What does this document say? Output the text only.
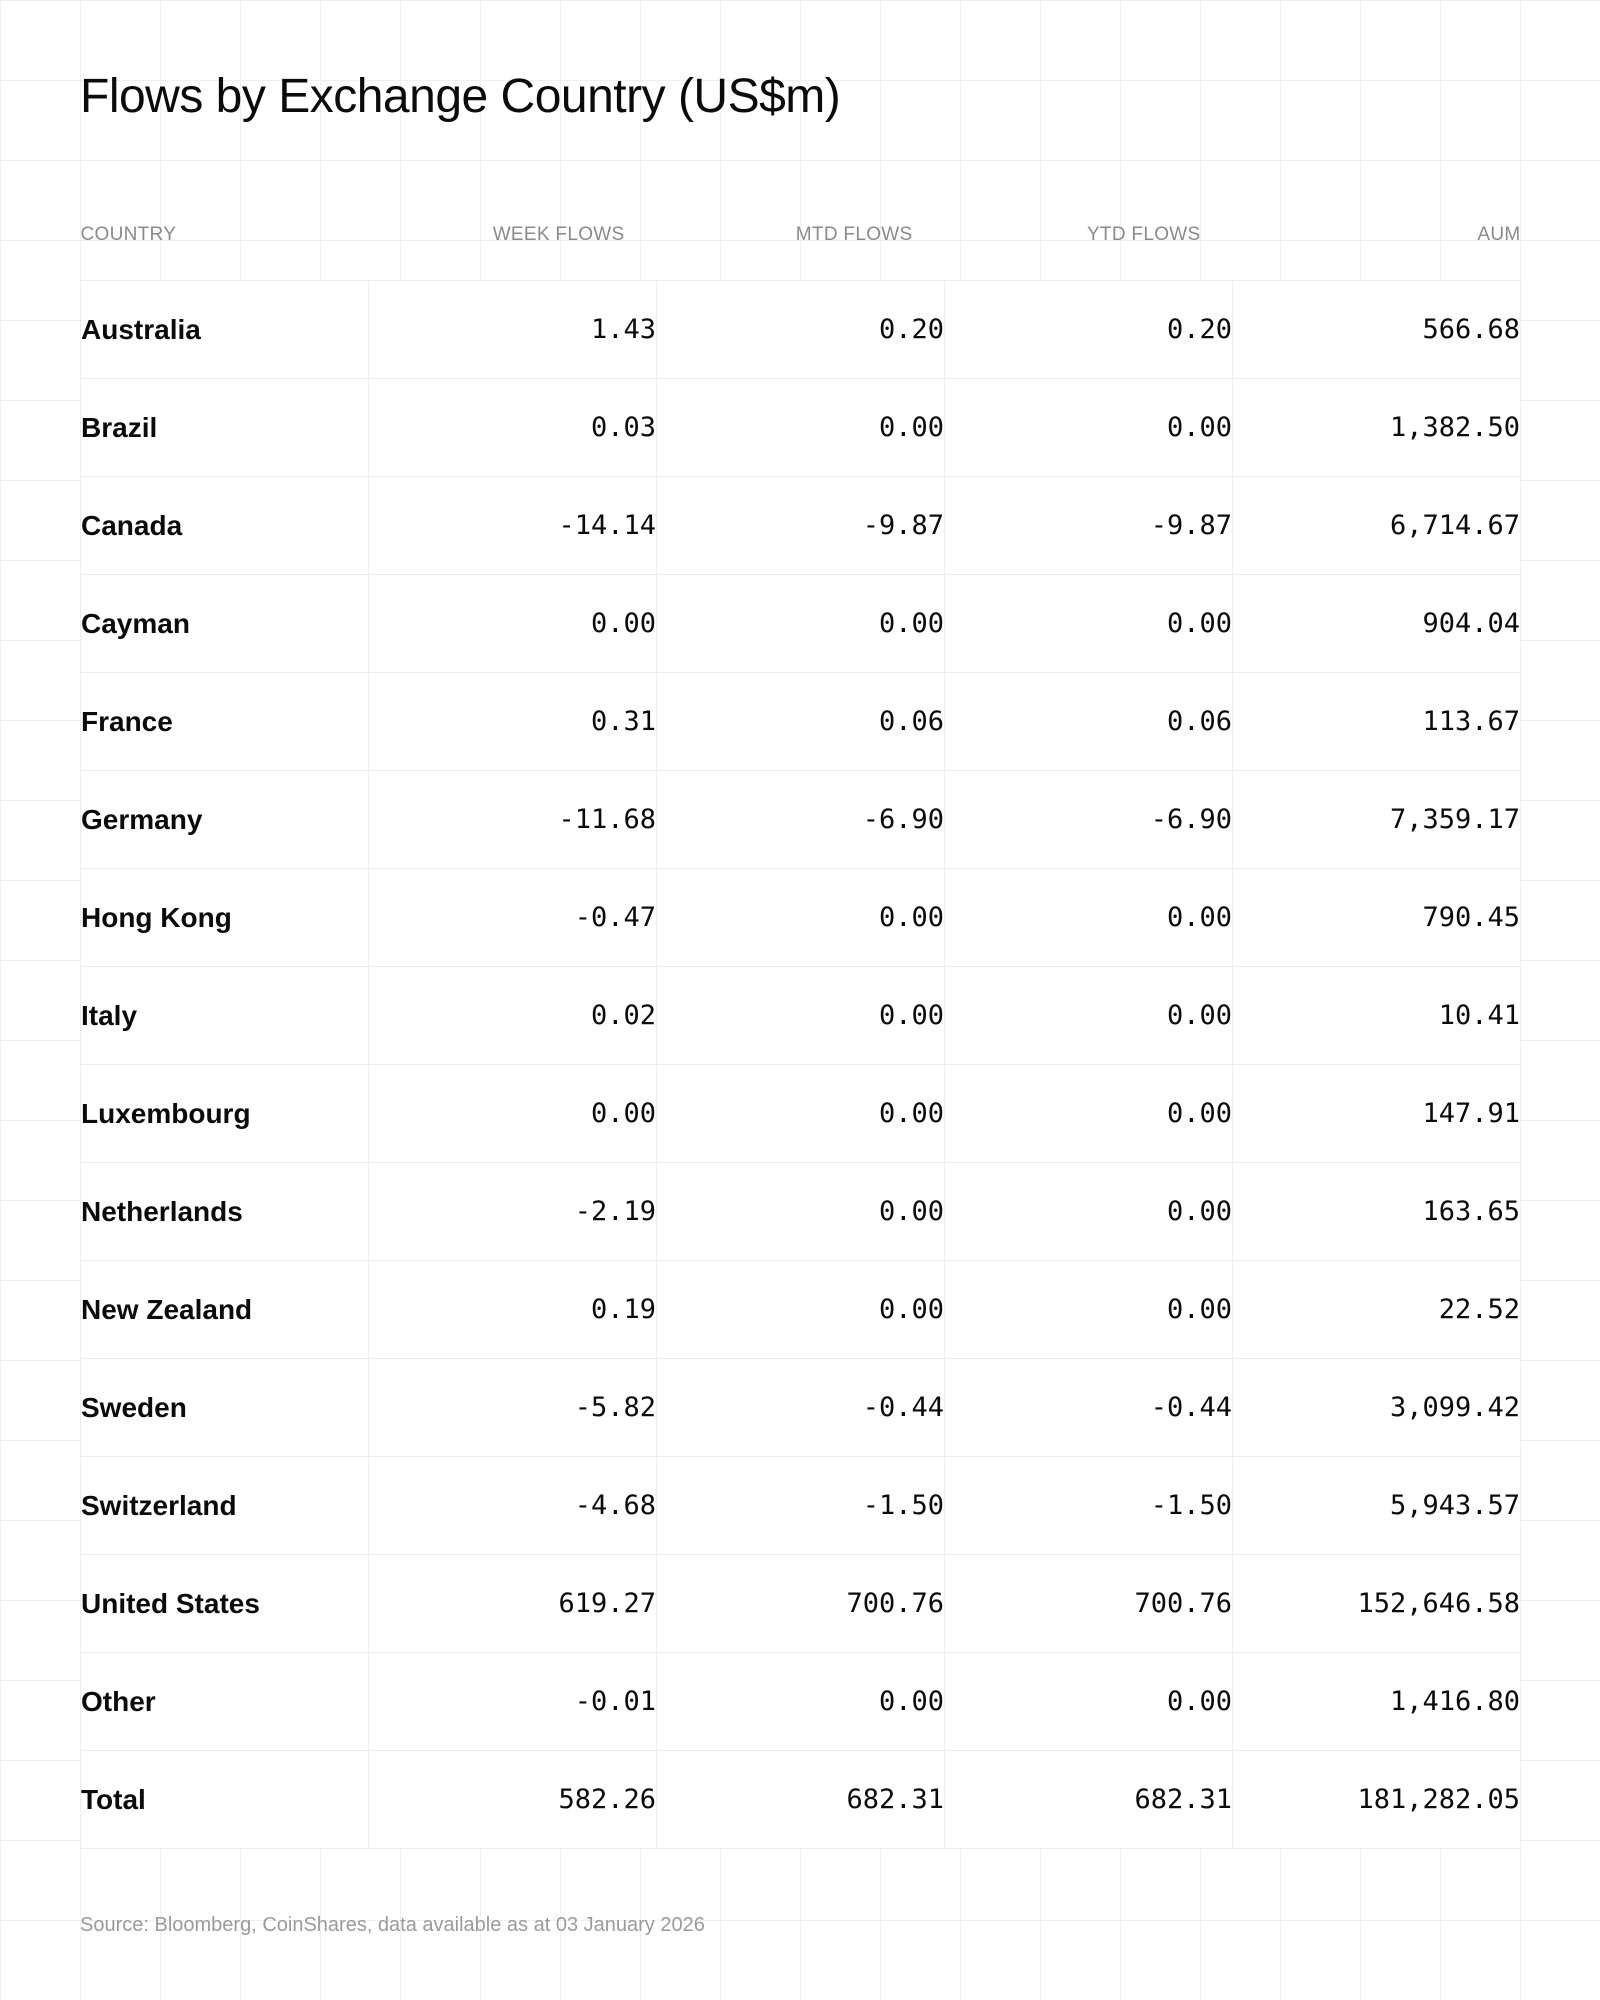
Flows by Exchange Country (US$m)
COUNTRY	WEEK FLOWS	MTD FLOWS	YTD FLOWS	AUM
Australia	1.43	0.20	0.20	566.68
Brazil	0.03	0.00	0.00	1,382.50
Canada	-14.14	-9.87	-9.87	6,714.67
Cayman	0.00	0.00	0.00	904.04
France	0.31	0.06	0.06	113.67
Germany	-11.68	-6.90	-6.90	7,359.17
Hong Kong	-0.47	0.00	0.00	790.45
Italy	0.02	0.00	0.00	10.41
Luxembourg	0.00	0.00	0.00	147.91
Netherlands	-2.19	0.00	0.00	163.65
New Zealand	0.19	0.00	0.00	22.52
Sweden	-5.82	-0.44	-0.44	3,099.42
Switzerland	-4.68	-1.50	-1.50	5,943.57
United States	619.27	700.76	700.76	152,646.58
Other	-0.01	0.00	0.00	1,416.80
Total	582.26	682.31	682.31	181,282.05

Source: Bloomberg, CoinShares, data available as at 03 January 2026
